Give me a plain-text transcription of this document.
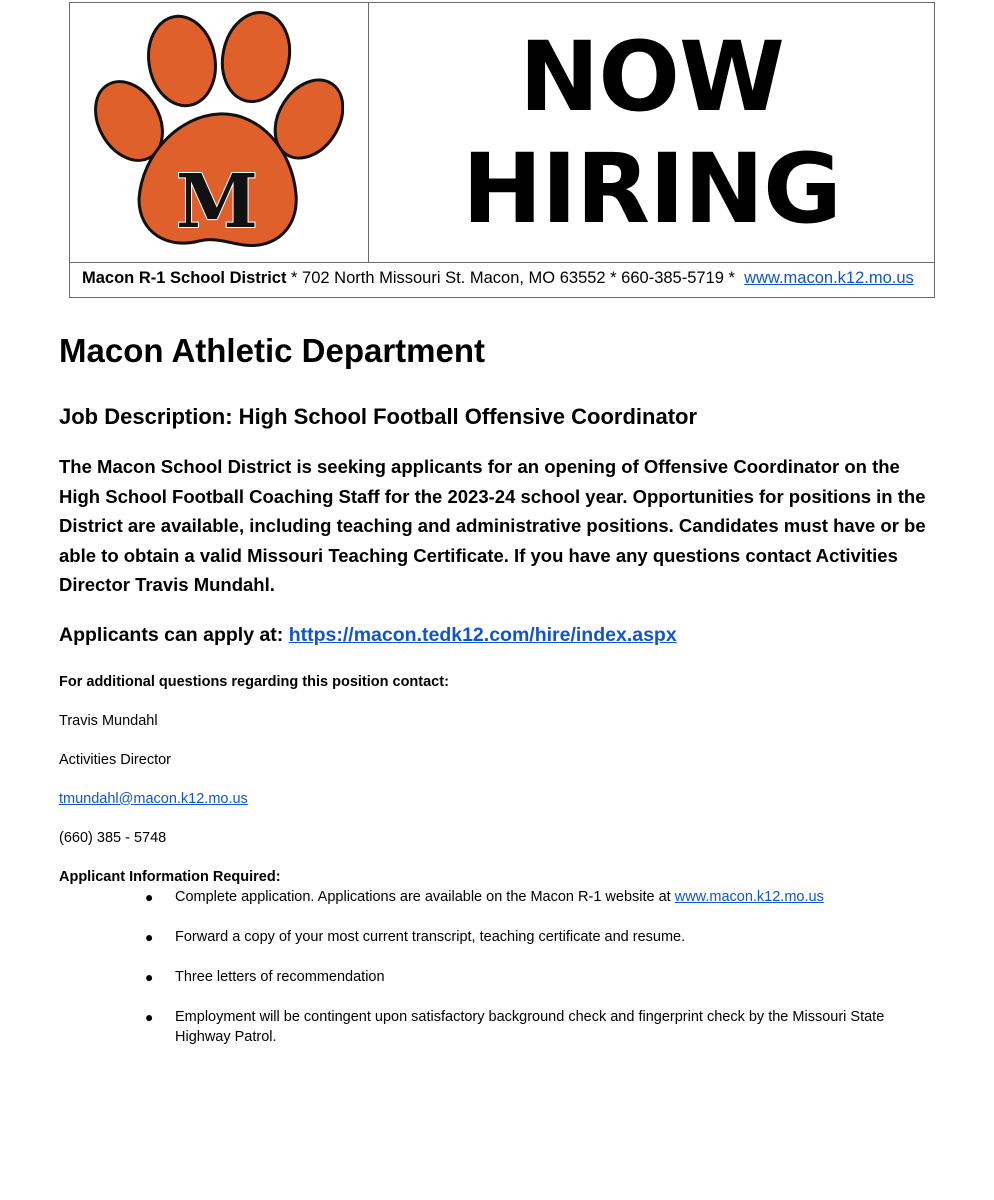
M
NOW
HIRING
Macon R-1 School District * 702 North Missouri St. Macon, MO 63552 * 660-385-5719 * www.macon.k12.mo.us

Macon Athletic Department

Job Description: High School Football Offensive Coordinator

The Macon School District is seeking applicants for an opening of Offensive Coordinator on the High School Football Coaching Staff for the 2023-24 school year. Opportunities for positions in the District are available, including teaching and administrative positions. Candidates must have or be able to obtain a valid Missouri Teaching Certificate. If you have any questions contact Activities Director Travis Mundahl.

Applicants can apply at: https://macon.tedk12.com/hire/index.aspx

For additional questions regarding this position contact:

Travis Mundahl

Activities Director

tmundahl@macon.k12.mo.us

(660) 385 - 5748

Applicant Information Required:

● Complete application. Applications are available on the Macon R-1 website at www.macon.k12.mo.us
● Forward a copy of your most current transcript, teaching certificate and resume.
● Three letters of recommendation
● Employment will be contingent upon satisfactory background check and fingerprint check by the Missouri State Highway Patrol.
